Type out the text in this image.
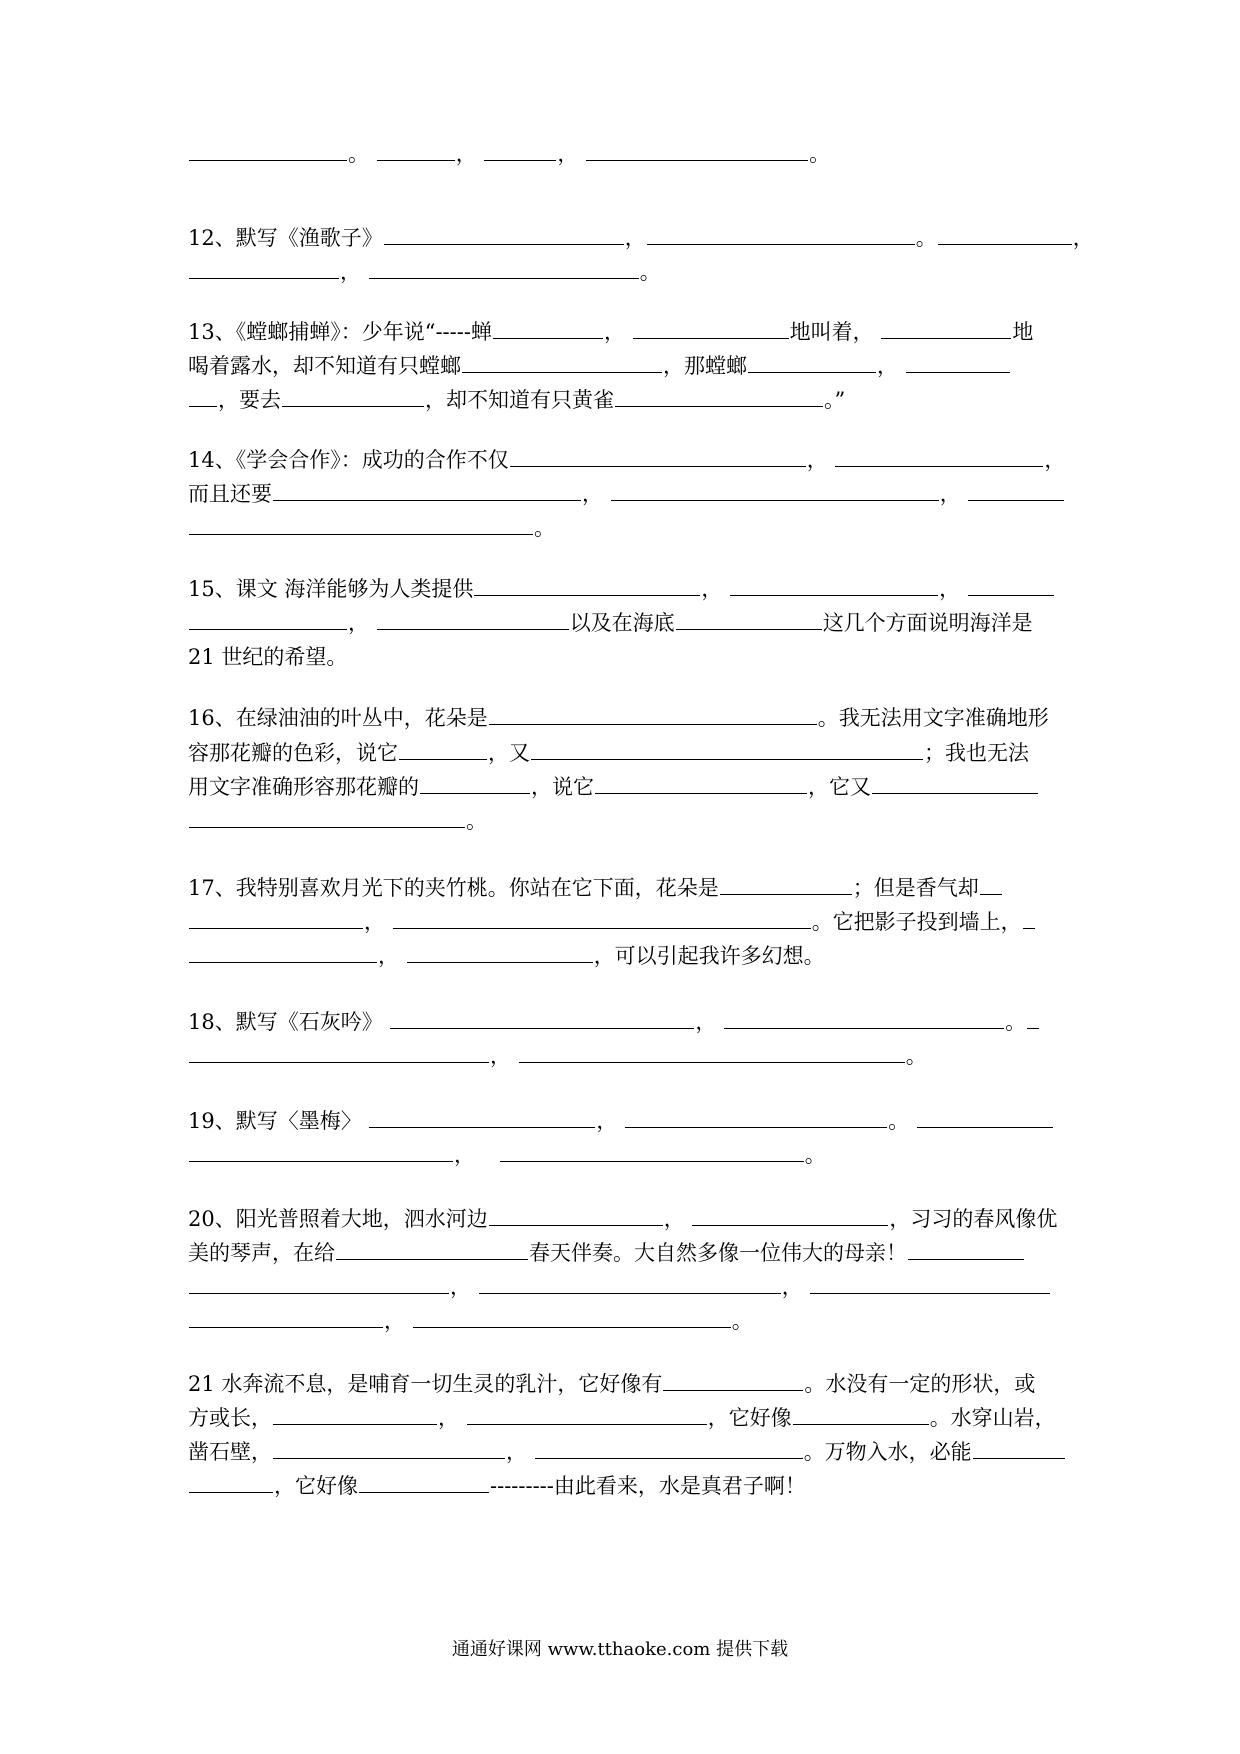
。	，	，	。
12、默写《渔歌子》	，	。	，
，	。
13、《螳螂捕蝉》：少年说“-----蝉	，	地叫着，	地
喝着露水，却不知道有只螳螂	，那螳螂	，
，要去	，却不知道有只黄雀	。”
14、《学会合作》：成功的合作不仅	，	，
而且还要	，	，
。
15、课文 海洋能够为人类提供	，	，
，	以及在海底	这几个方面说明海洋是
21 世纪的希望。
16、在绿油油的叶丛中，花朵是	。我无法用文字准确地形
容那花瓣的色彩，说它	，又	；我也无法
用文字准确形容那花瓣的	，说它	，它又
。
17、我特别喜欢月光下的夹竹桃。你站在它下面，花朵是	；但是香气却
，	。它把影子投到墙上，
，	，可以引起我许多幻想。
18、默写《石灰吟》	，	。
，	。
19、默写〈墨梅〉	，	。
，	。
20、阳光普照着大地，泗水河边	，	，习习的春风像优
美的琴声，在给	春天伴奏。大自然多像一位伟大的母亲！
，	，
，	。
21 水奔流不息，是哺育一切生灵的乳汁，它好像有	。水没有一定的形状，或
方或长，	，	，它好像	。水穿山岩，
凿石壁，	，	。万物入水，必能
，它好像	---------由此看来，水是真君子啊！
通通好课网 www.tthaoke.com 提供下载
